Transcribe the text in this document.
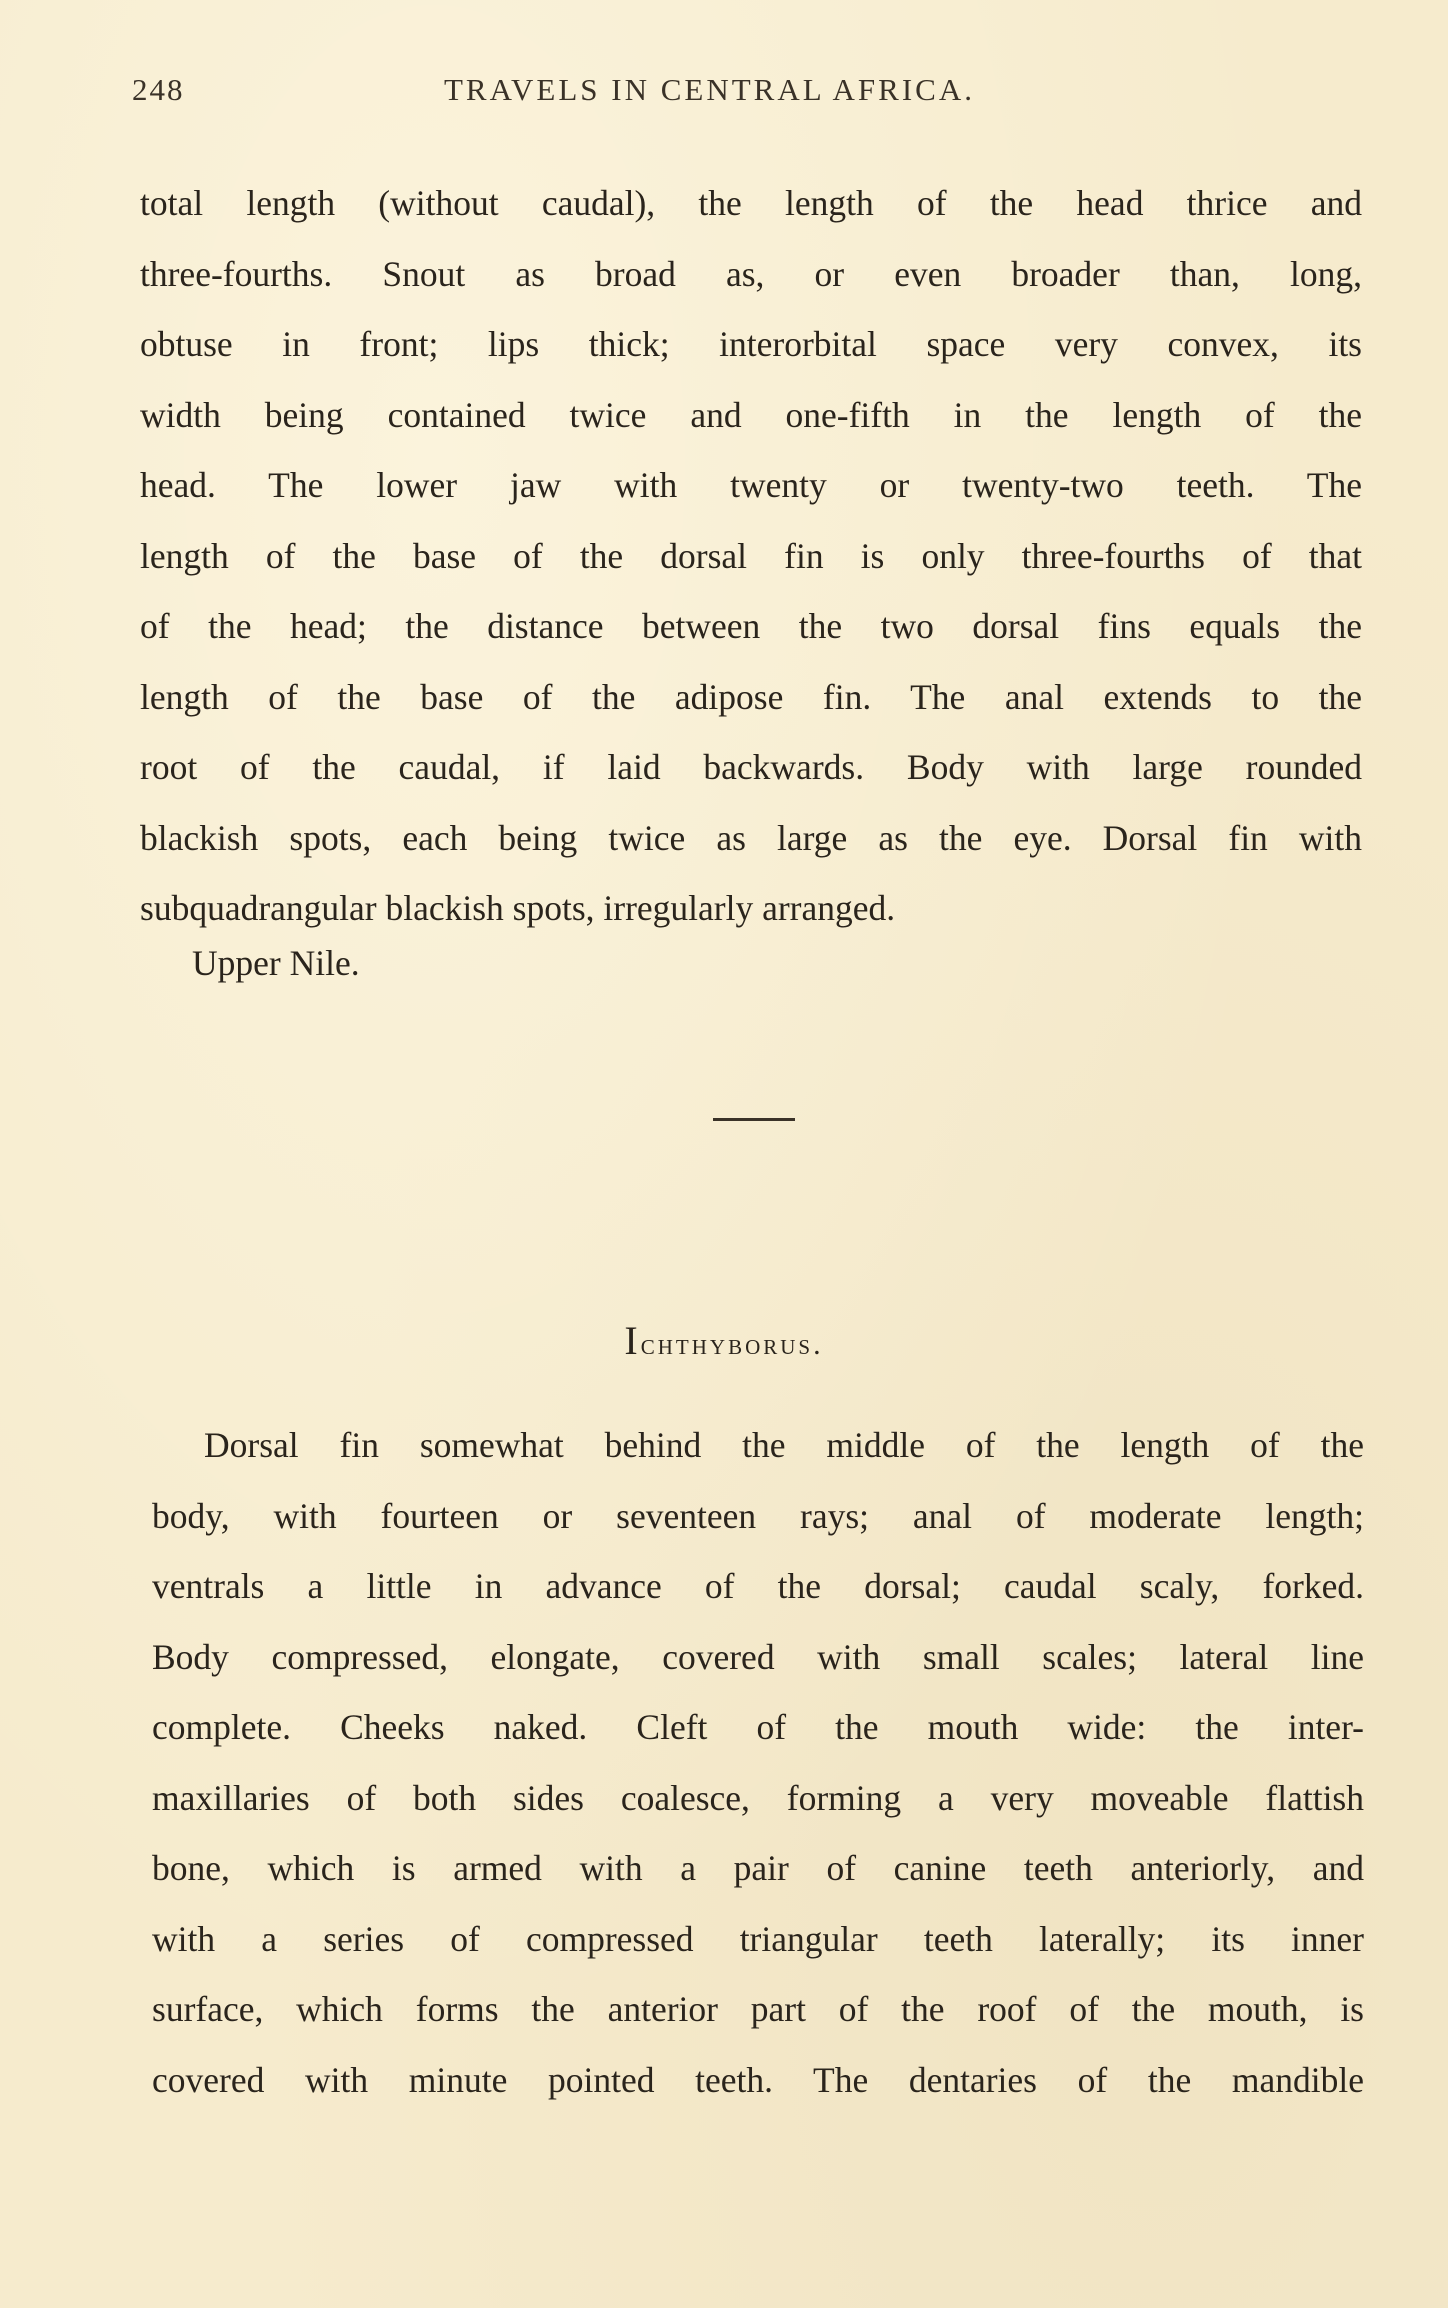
248	TRAVELS IN CENTRAL AFRICA.
total length (without caudal), the length of the head thrice and
three-fourths. Snout as broad as, or even broader than, long,
obtuse in front; lips thick; interorbital space very convex, its
width being contained twice and one-fifth in the length of the
head. The lower jaw with twenty or twenty-two teeth. The
length of the base of the dorsal fin is only three-fourths of that
of the head; the distance between the two dorsal fins equals the
length of the base of the adipose fin. The anal extends to the
root of the caudal, if laid backwards. Body with large rounded
blackish spots, each being twice as large as the eye. Dorsal fin with
subquadrangular blackish spots, irregularly arranged.
Upper Nile.
Ichthyborus.
Dorsal fin somewhat behind the middle of the length of the
body, with fourteen or seventeen rays; anal of moderate length;
ventrals a little in advance of the dorsal; caudal scaly, forked.
Body compressed, elongate, covered with small scales; lateral line
complete. Cheeks naked. Cleft of the mouth wide: the inter-
maxillaries of both sides coalesce, forming a very moveable flattish
bone, which is armed with a pair of canine teeth anteriorly, and
with a series of compressed triangular teeth laterally; its inner
surface, which forms the anterior part of the roof of the mouth, is
covered with minute pointed teeth. The dentaries of the mandible
